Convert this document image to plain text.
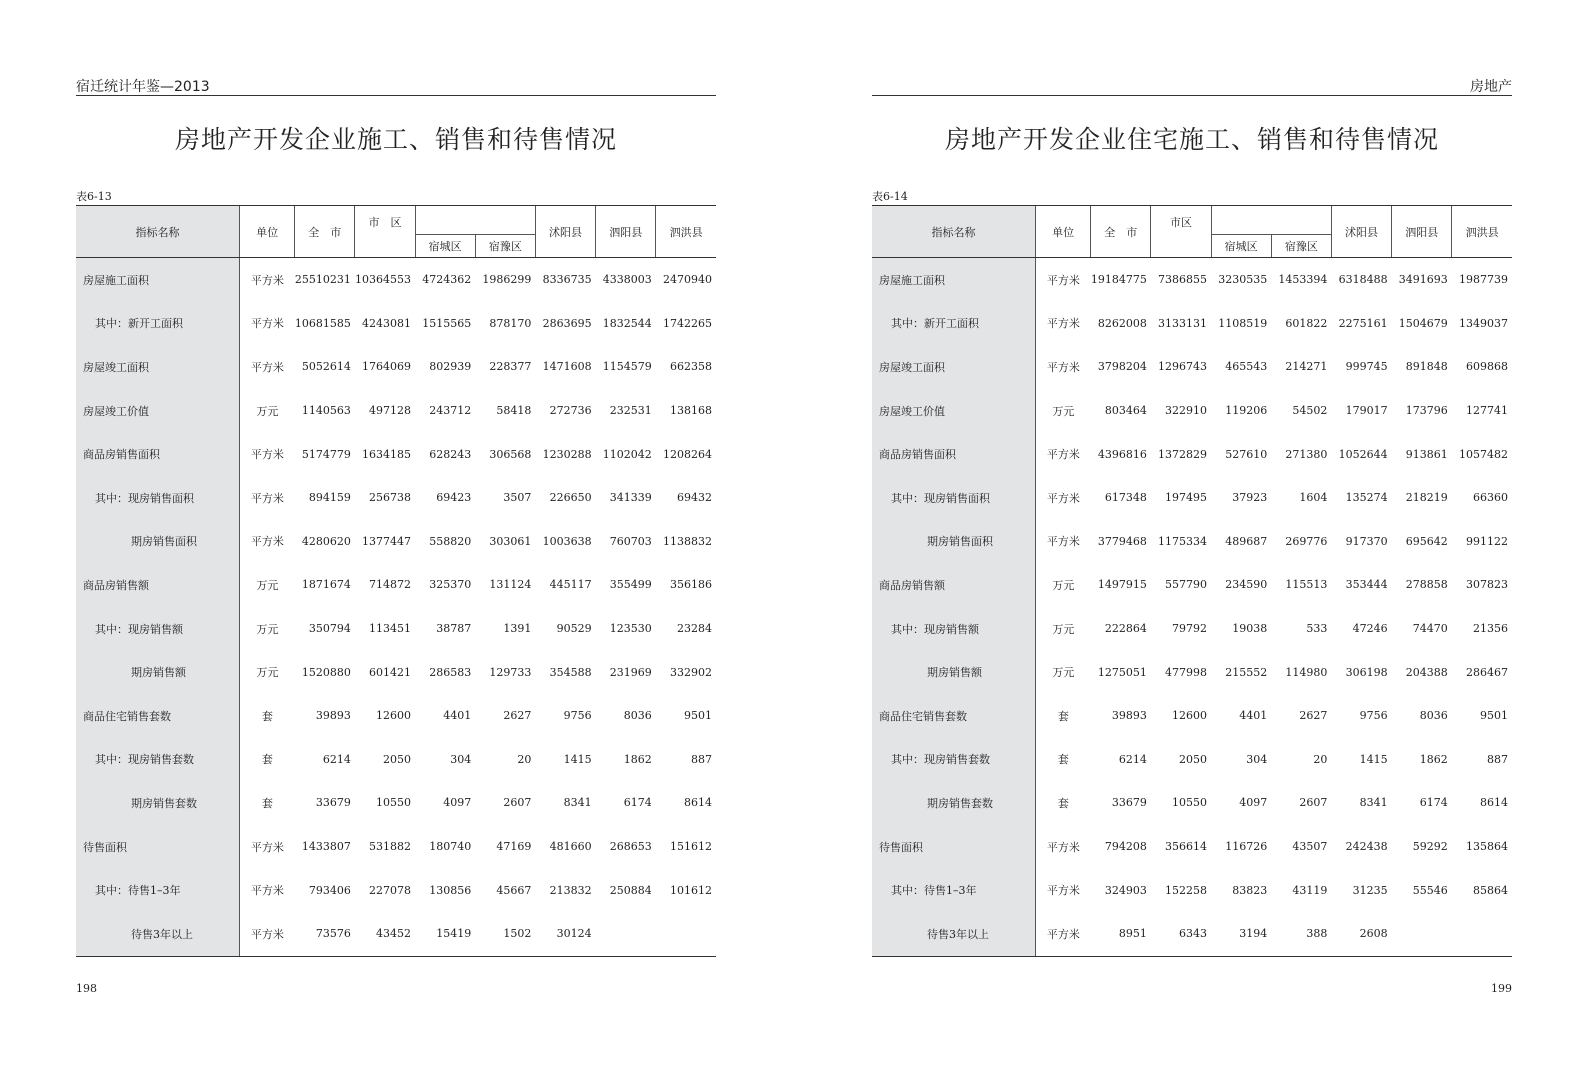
宿迁统计年鉴—2013
房地产开发企业施工、销售和待售情况
表6-13
指标名称	单位	全　市	市　区			沭阳县	泗阳县	泗洪县
				宿城区	宿豫区			
房屋施工面积	平方米	25510231	10364553	4724362	1986299	8336735	4338003	2470940
其中：新开工面积	平方米	10681585	4243081	1515565	878170	2863695	1832544	1742265
房屋竣工面积	平方米	5052614	1764069	802939	228377	1471608	1154579	662358
房屋竣工价值	万元	1140563	497128	243712	58418	272736	232531	138168
商品房销售面积	平方米	5174779	1634185	628243	306568	1230288	1102042	1208264
其中：现房销售面积	平方米	894159	256738	69423	3507	226650	341339	69432
期房销售面积	平方米	4280620	1377447	558820	303061	1003638	760703	1138832
商品房销售额	万元	1871674	714872	325370	131124	445117	355499	356186
其中：现房销售额	万元	350794	113451	38787	1391	90529	123530	23284
期房销售额	万元	1520880	601421	286583	129733	354588	231969	332902
商品住宅销售套数	套	39893	12600	4401	2627	9756	8036	9501
其中：现房销售套数	套	6214	2050	304	20	1415	1862	887
期房销售套数	套	33679	10550	4097	2607	8341	6174	8614
待售面积	平方米	1433807	531882	180740	47169	481660	268653	151612
其中：待售1–3年	平方米	793406	227078	130856	45667	213832	250884	101612
待售3年以上	平方米	73576	43452	15419	1502	30124		
198
房地产
房地产开发企业住宅施工、销售和待售情况
表6-14
指标名称	单位	全　市	市区			沭阳县	泗阳县	泗洪县
				宿城区	宿豫区			
房屋施工面积	平方米	19184775	7386855	3230535	1453394	6318488	3491693	1987739
其中：新开工面积	平方米	8262008	3133131	1108519	601822	2275161	1504679	1349037
房屋竣工面积	平方米	3798204	1296743	465543	214271	999745	891848	609868
房屋竣工价值	万元	803464	322910	119206	54502	179017	173796	127741
商品房销售面积	平方米	4396816	1372829	527610	271380	1052644	913861	1057482
其中：现房销售面积	平方米	617348	197495	37923	1604	135274	218219	66360
期房销售面积	平方米	3779468	1175334	489687	269776	917370	695642	991122
商品房销售额	万元	1497915	557790	234590	115513	353444	278858	307823
其中：现房销售额	万元	222864	79792	19038	533	47246	74470	21356
期房销售额	万元	1275051	477998	215552	114980	306198	204388	286467
商品住宅销售套数	套	39893	12600	4401	2627	9756	8036	9501
其中：现房销售套数	套	6214	2050	304	20	1415	1862	887
期房销售套数	套	33679	10550	4097	2607	8341	6174	8614
待售面积	平方米	794208	356614	116726	43507	242438	59292	135864
其中：待售1–3年	平方米	324903	152258	83823	43119	31235	55546	85864
待售3年以上	平方米	8951	6343	3194	388	2608		
199
